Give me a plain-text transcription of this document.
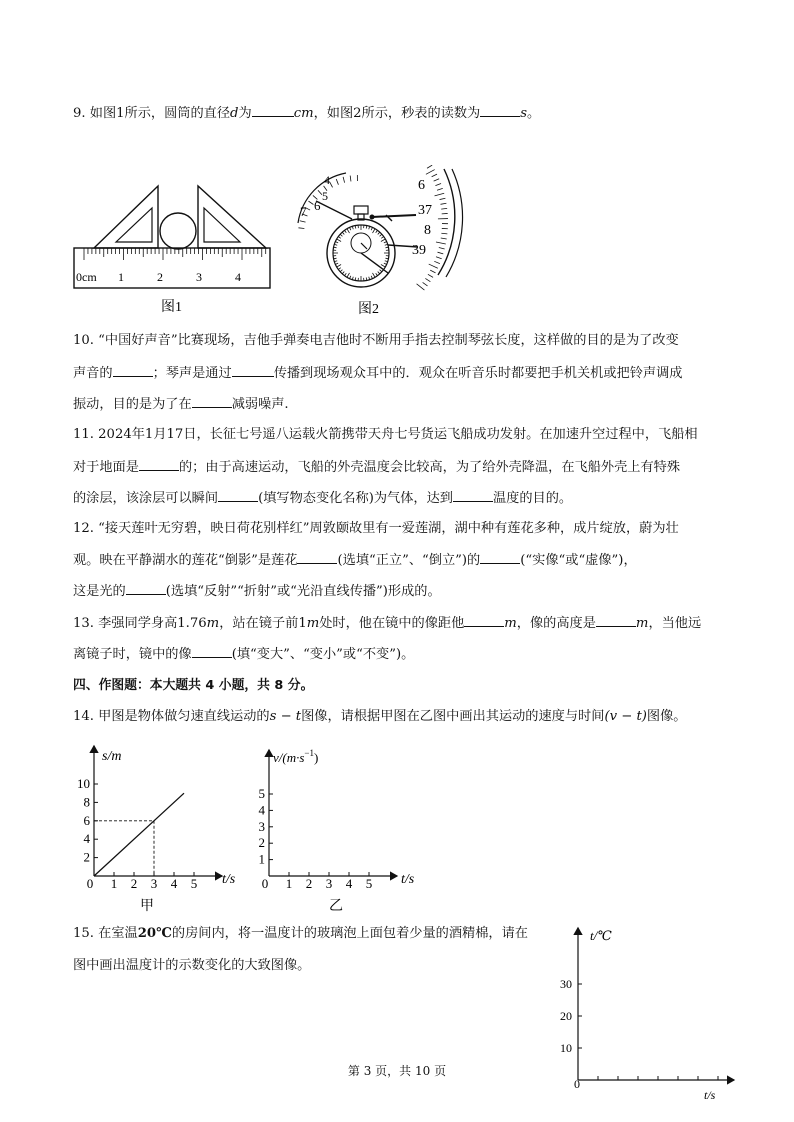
9. 如图1所示，圆筒的直径d为	cm，如图2所示，秒表的读数为	s。
0cm 1	2	3	4
图1
4
5
6
7
6
37
8
39
图2
10. “中国好声音”比赛现场，吉他手弹奏电吉他时不断用手指去控制琴弦长度，这样做的目的是为了改变
声音的	；琴声是通过	传播到现场观众耳中的．观众在听音乐时都要把手机关机或把铃声调成
振动，目的是为了在	减弱噪声.
11. 2024年1月17日，长征七号遥八运载火箭携带天舟七号货运飞船成功发射。在加速升空过程中，飞船相
对于地面是	的；由于高速运动，飞船的外壳温度会比较高，为了给外壳降温，在飞船外壳上有特殊
的涂层，该涂层可以瞬间	(填写物态变化名称)为气体，达到	温度的目的。
12. “接天莲叶无穷碧，映日荷花别样红”周敦颐故里有一爱莲湖，湖中种有莲花多种，成片绽放，蔚为壮
观。映在平静湖水的莲花“倒影”是莲花	(选填“正立”、“倒立”)的	(“实像“或“虚像”)，
这是光的	(选填“反射”“折射”或“光沿直线传播”)形成的。
13. 李强同学身高1.76m，站在镜子前1m处时，他在镜中的像距他	m，像的高度是	m，当他远
离镜子时，镜中的像	(填“变大”、“变小”或“不变”)。
四、作图题：本大题共 4 小题，共 8 分。
14. 甲图是物体做匀速直线运动的s − t图像，请根据甲图在乙图中画出其运动的速度与时间(v − t)图像。
2
4
6
8
10
1 2 3 4 5
s/m
t/s
0
甲
1
2
3
4
5
1 2 3 4 5
$v/(m\cdot s^{-1})$
t/s
0
乙
15. 在室温20℃的房间内，将一温度计的玻璃泡上面包着少量的酒精棉，请在
图中画出温度计的示数变化的大致图像。
10
20
30
t/℃
t/s
0
第 3 页，共 10 页
